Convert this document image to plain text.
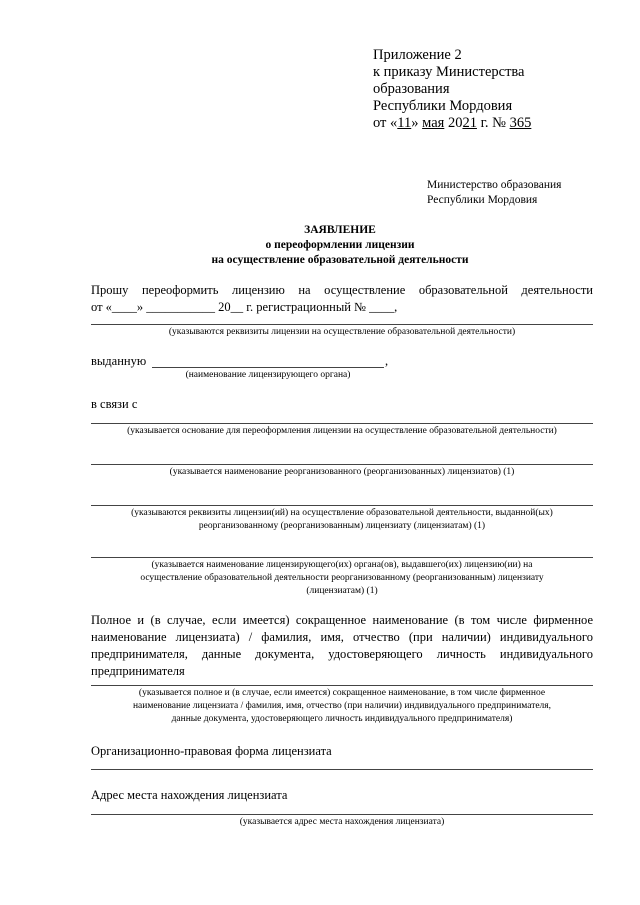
Приложение 2
к приказу Министерства
образования
Республики Мордовия
от «11» мая 2021 г. № 365
Министерство образования
Республики Мордовия
ЗАЯВЛЕНИЕ
о переоформлении лицензии
на осуществление образовательной деятельности
Прошу переоформить лицензию на осуществление образовательной деятельности
от «____» ___________ 20__ г. регистрационный № ____,
(указываются реквизиты лицензии на осуществление образовательной деятельности)
выданную	,
(наименование лицензирующего органа)
в связи с
(указывается основание для переоформления лицензии на осуществление образовательной деятельности)
(указывается наименование реорганизованного (реорганизованных) лицензиатов) (1)
(указываются реквизиты лицензии(ий) на осуществление образовательной деятельности, выданной(ых)
реорганизованному (реорганизованным) лицензиату (лицензиатам) (1)
(указывается наименование лицензирующего(их) органа(ов), выдавшего(их) лицензию(ии) на
осуществление образовательной деятельности реорганизованному (реорганизованным) лицензиату
(лицензиатам) (1)
Полное и (в случае, если имеется) сокращенное наименование (в том числе фирменное
наименование лицензиата) / фамилия, имя, отчество (при наличии) индивидуального
предпринимателя, данные документа, удостоверяющего личность индивидуального
предпринимателя
(указывается полное и (в случае, если имеется) сокращенное наименование, в том числе фирменное
наименование лицензиата / фамилия, имя, отчество (при наличии) индивидуального предпринимателя,
данные документа, удостоверяющего личность индивидуального предпринимателя)
Организационно-правовая форма лицензиата
Адрес места нахождения лицензиата
(указывается адрес места нахождения лицензиата)
